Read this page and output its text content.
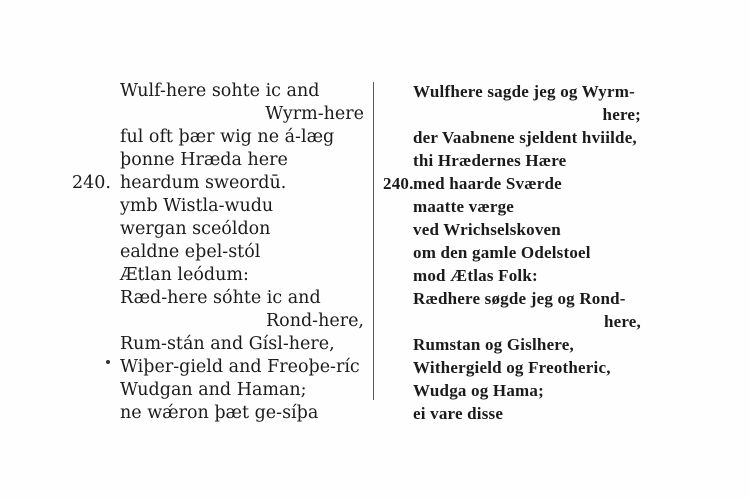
Wulf-here sohte ic and
Wyrm-here
ful oft þær wig ne á-læg
þonne Hræda here
240. heardum sweordū.
ymb Wistla-wudu
wergan sceóldon
ealdne eþel-stól
Ætlan leódum:
Ræd-here sóhte ic and
Rond-here,
Rum-stán and Gísl-here,
Wiþer-gield and Freoþe-ríc
Wudgan and Haman;
ne wǽron þæt ge-síþa
Wulfhere sagde jeg og Wyrm-
here;
der Vaabnene sjeldent hviilde,
thi Hrædernes Hære
240. med haarde Sværde
maatte værge
ved Wrichselskoven
om den gamle Odelstoel
mod Ætlas Folk:
Rædhere søgde jeg og Rond-
here,
Rumstan og Gislhere,
Withergield og Freotheric,
Wudga og Hama;
ei vare disse
